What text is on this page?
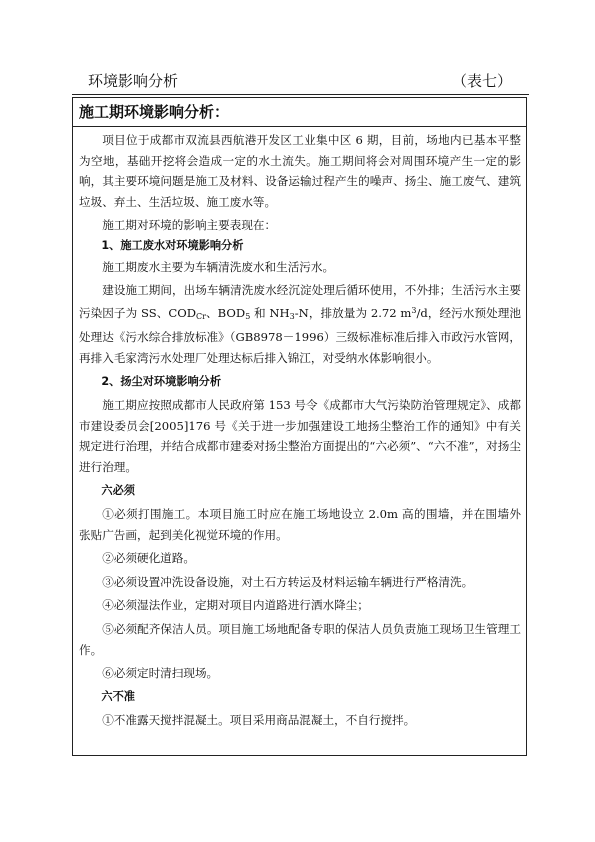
环境影响分析	（表七）
施工期环境影响分析：

项目位于成都市双流县西航港开发区工业集中区 6 期，目前，场地内已基本平整为空地，基础开挖将会造成一定的水土流失。施工期间将会对周围环境产生一定的影响，其主要环境问题是施工及材料、设备运输过程产生的噪声、扬尘、施工废气、建筑垃圾、弃土、生活垃圾、施工废水等。

施工期对环境的影响主要表现在：

1、施工废水对环境影响分析

施工期废水主要为车辆清洗废水和生活污水。

建设施工期间，出场车辆清洗废水经沉淀处理后循环使用，不外排；生活污水主要污染因子为 SS、$COD_{Cr}$、$BOD_5$ 和 $NH_3-N$，排放量为 2.72 $m^3/d$，经污水预处理池处理达《污水综合排放标准》（GB8978－1996）三级标准标准后排入市政污水管网，再排入毛家湾污水处理厂处理达标后排入锦江，对受纳水体影响很小。

2、扬尘对环境影响分析

施工期应按照成都市人民政府第 153 号令《成都市大气污染防治管理规定》、成都市建设委员会[2005]176 号《关于进一步加强建设工地扬尘整治工作的通知》中有关规定进行治理，并结合成都市建委对扬尘整治方面提出的“六必须”、“六不准”，对扬尘进行治理。

六必须

①必须打围施工。本项目施工时应在施工场地设立 2.0m 高的围墙，并在围墙外张贴广告画，起到美化视觉环境的作用。

②必须硬化道路。

③必须设置冲洗设备设施，对土石方转运及材料运输车辆进行严格清洗。

④必须湿法作业，定期对项目内道路进行洒水降尘；

⑤必须配齐保洁人员。项目施工场地配备专职的保洁人员负责施工现场卫生管理工作。

⑥必须定时清扫现场。

六不准

①不准露天搅拌混凝土。项目采用商品混凝土，不自行搅拌。
